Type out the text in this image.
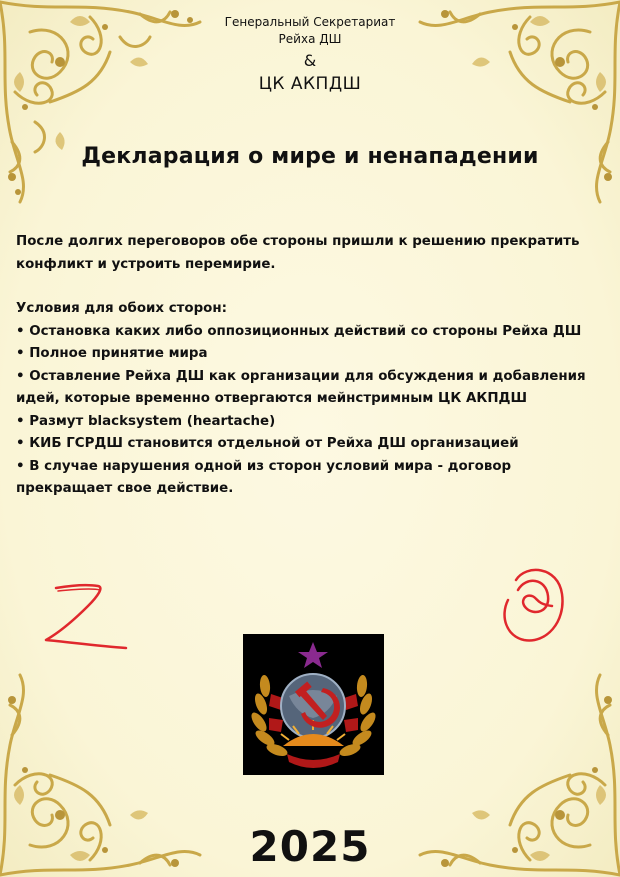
Генеральный Секретариат
Рейха ДШ
&
ЦК АКПДШ
Декларация о мире и ненападении

После долгих переговоров обе стороны пришли к решению прекратить конфликт и устроить перемирие.

Условия для обоих сторон:

• Остановка каких либо оппозиционных действий со стороны Рейха ДШ

• Полное принятие мира

• Оставление Рейха ДШ как организации для обсуждения и добавления идей, которые временно отвергаются мейнстримным ЦК АКПДШ

• Размут blacksystem (heartache)

• КИБ ГСРДШ становится отдельной от Рейха ДШ организацией

• В случае нарушения одной из сторон условий мира - договор прекращает свое действие.

2025
